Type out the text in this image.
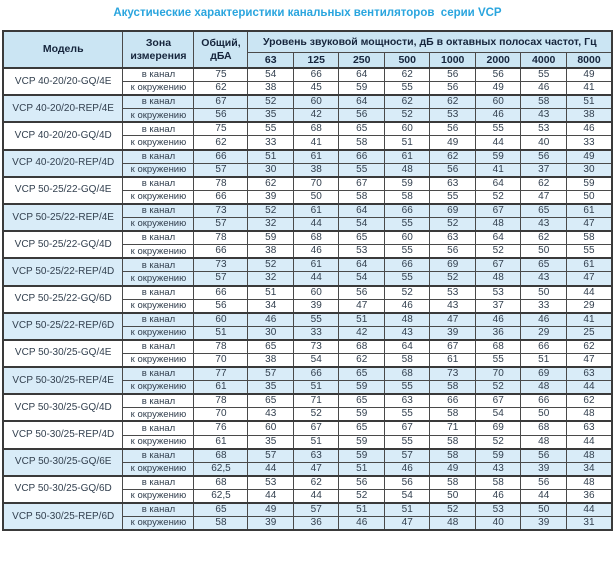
Акустические характеристики канальных вентиляторов  серии VCP
Модель	Зона измерения	Общий, дБА	Уровень звуковой мощности, дБ в октавных полосах частот, Гц							
			63	125	250	500	1000	2000	4000	8000
VCP 40-20/20-GQ/4E	в канал	75	54	66	64	62	56	56	55	49
	к окружению	62	38	45	59	55	56	49	46	41
VCP 40-20/20-REP/4E	в канал	67	52	60	64	62	62	60	58	51
	к окружению	56	35	42	56	52	53	46	43	38
VCP 40-20/20-GQ/4D	в канал	75	55	68	65	60	56	55	53	46
	к окружению	62	33	41	58	51	49	44	40	33
VCP 40-20/20-REP/4D	в канал	66	51	61	66	61	62	59	56	49
	к окружению	57	30	38	55	48	56	41	37	30
VCP 50-25/22-GQ/4E	в канал	78	62	70	67	59	63	64	62	59
	к окружению	66	39	50	58	58	55	52	47	50
VCP 50-25/22-REP/4E	в канал	73	52	61	64	66	69	67	65	61
	к окружению	57	32	44	54	55	52	48	43	47
VCP 50-25/22-GQ/4D	в канал	78	59	68	65	60	63	64	62	58
	к окружению	66	38	46	53	55	56	52	50	55
VCP 50-25/22-REP/4D	в канал	73	52	61	64	66	69	67	65	61
	к окружению	57	32	44	54	55	52	48	43	47
VCP 50-25/22-GQ/6D	в канал	66	51	60	56	52	53	53	50	44
	к окружению	56	34	39	47	46	43	37	33	29
VCP 50-25/22-REP/6D	в канал	60	46	55	51	48	47	46	46	41
	к окружению	51	30	33	42	43	39	36	29	25
VCP 50-30/25-GQ/4E	в канал	78	65	73	68	64	67	68	66	62
	к окружению	70	38	54	62	58	61	55	51	47
VCP 50-30/25-REP/4E	в канал	77	57	66	65	68	73	70	69	63
	к окружению	61	35	51	59	55	58	52	48	44
VCP 50-30/25-GQ/4D	в канал	78	65	71	65	63	66	67	66	62
	к окружению	70	43	52	59	55	58	54	50	48
VCP 50-30/25-REP/4D	в канал	76	60	67	65	67	71	69	68	63
	к окружению	61	35	51	59	55	58	52	48	44
VCP 50-30/25-GQ/6E	в канал	68	57	63	59	57	58	59	56	48
	к окружению	62,5	44	47	51	46	49	43	39	34
VCP 50-30/25-GQ/6D	в канал	68	53	62	56	56	58	58	56	48
	к окружению	62,5	44	44	52	54	50	46	44	36
VCP 50-30/25-REP/6D	в канал	65	49	57	51	51	52	53	50	44
	к окружению	58	39	36	46	47	48	40	39	31
